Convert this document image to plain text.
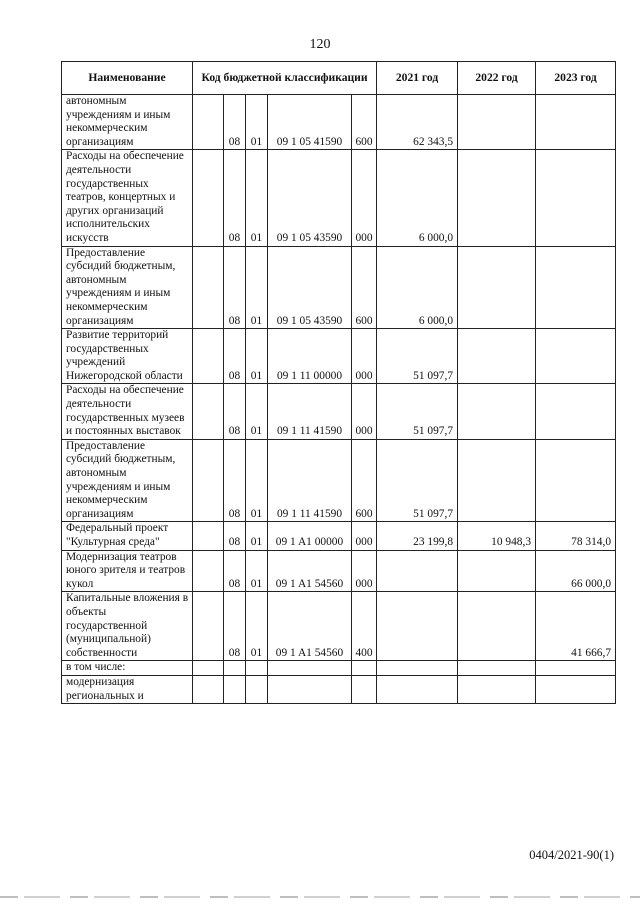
120
Наименование	Код бюджетной классификации					2021 год	2022 год	2023 год
автономным учреждениям и иным некоммерческим организациям		08	01	09 1 05 41590	600	62 343,5		
Расходы на обеспечение деятельности государственных театров, концертных и других организаций исполнительских искусств		08	01	09 1 05 43590	000	6 000,0		
Предоставление субсидий бюджетным, автономным учреждениям и иным некоммерческим организациям		08	01	09 1 05 43590	600	6 000,0		
Развитие территорий государственных учреждений Нижегородской области		08	01	09 1 11 00000	000	51 097,7		
Расходы на обеспечение деятельности государственных музеев и постоянных выставок		08	01	09 1 11 41590	000	51 097,7		
Предоставление субсидий бюджетным, автономным учреждениям и иным некоммерческим организациям		08	01	09 1 11 41590	600	51 097,7		
Федеральный проект "Культурная среда"		08	01	09 1 A1 00000	000	23 199,8	10 948,3	78 314,0
Модернизация театров юного зрителя и театров кукол		08	01	09 1 A1 54560	000			66 000,0
Капитальные вложения в объекты государственной (муниципальной) собственности		08	01	09 1 A1 54560	400			41 666,7
в том числе:								
модернизация региональных и								
0404/2021-90(1)
